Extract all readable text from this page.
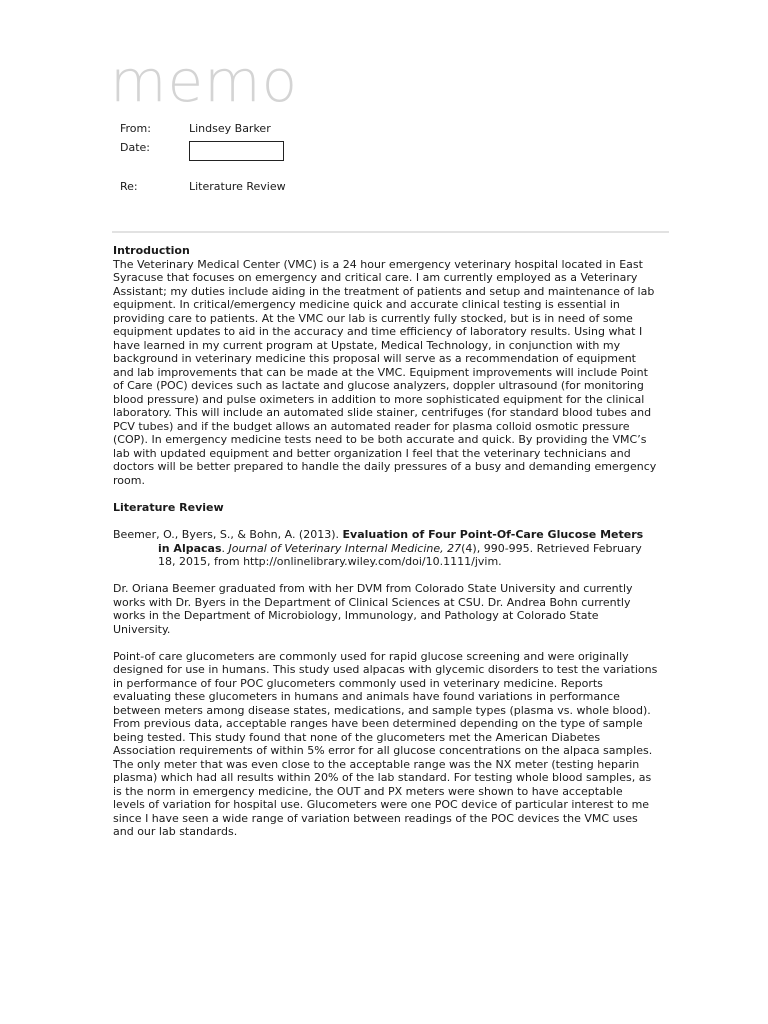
memo
From:	Lindsey Barker
Date:
Re:	Literature Review

Introduction

The Veterinary Medical Center (VMC) is a 24 hour emergency veterinary hospital located in East Syracuse that focuses on emergency and critical care. I am currently employed as a Veterinary Assistant; my duties include aiding in the treatment of patients and setup and maintenance of lab equipment. In critical/emergency medicine quick and accurate clinical testing is essential in providing care to patients. At the VMC our lab is currently fully stocked, but is in need of some equipment updates to aid in the accuracy and time efficiency of laboratory results. Using what I have learned in my current program at Upstate, Medical Technology, in conjunction with my background in veterinary medicine this proposal will serve as a recommendation of equipment and lab improvements that can be made at the VMC. Equipment improvements will include Point of Care (POC) devices such as lactate and glucose analyzers, doppler ultrasound (for monitoring blood pressure) and pulse oximeters in addition to more sophisticated equipment for the clinical laboratory. This will include an automated slide stainer, centrifuges (for standard blood tubes and PCV tubes) and if the budget allows an automated reader for plasma colloid osmotic pressure (COP). In emergency medicine tests need to be both accurate and quick. By providing the VMC’s lab with updated equipment and better organization I feel that the veterinary technicians and doctors will be better prepared to handle the daily pressures of a busy and demanding emergency room.

Literature Review

Beemer, O., Byers, S., & Bohn, A. (2013). Evaluation of Four Point-Of-Care Glucose Meters in Alpacas. Journal of Veterinary Internal Medicine, 27(4), 990-995. Retrieved February 18, 2015, from http://onlinelibrary.wiley.com/doi/10.1111/jvim.

Dr. Oriana Beemer graduated from with her DVM from Colorado State University and currently works with Dr. Byers in the Department of Clinical Sciences at CSU. Dr. Andrea Bohn currently works in the Department of Microbiology, Immunology, and Pathology at Colorado State University.

Point-of care glucometers are commonly used for rapid glucose screening and were originally designed for use in humans. This study used alpacas with glycemic disorders to test the variations in performance of four POC glucometers commonly used in veterinary medicine. Reports evaluating these glucometers in humans and animals have found variations in performance between meters among disease states, medications, and sample types (plasma vs. whole blood). From previous data, acceptable ranges have been determined depending on the type of sample being tested. This study found that none of the glucometers met the American Diabetes Association requirements of within 5% error for all glucose concentrations on the alpaca samples. The only meter that was even close to the acceptable range was the NX meter (testing heparin plasma) which had all results within 20% of the lab standard. For testing whole blood samples, as is the norm in emergency medicine, the OUT and PX meters were shown to have acceptable levels of variation for hospital use. Glucometers were one POC device of particular interest to me since I have seen a wide range of variation between readings of the POC devices the VMC uses and our lab standards.
